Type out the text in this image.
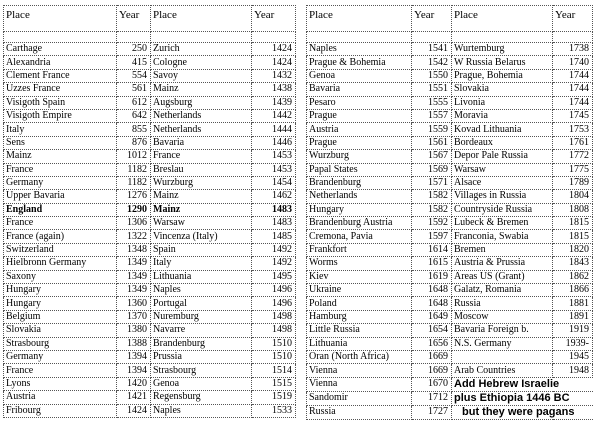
Place	Year	Place	Year

Carthage	250	Zurich	1424
Alexandria	415	Cologne	1424
Clement France	554	Savoy	1432
Uzzes France	561	Mainz	1438
Visigoth Spain	612	Augsburg	1439
Visigoth Empire	642	Netherlands	1442
Italy	855	Netherlands	1444
Sens	876	Bavaria	1446
Mainz	1012	France	1453
France	1182	Breslau	1453
Germany	1182	Wurzburg	1454
Upper Bavaria	1276	Mainz	1462
England	1290	Mainz	1483
France	1306	Warsaw	1483
France (again)	1322	Vincenza (Italy)	1485
Switzerland	1348	Spain	1492
Hielbronn Germany	1349	Italy	1492
Saxony	1349	Lithuania	1495
Hungary	1349	Naples	1496
Hungary	1360	Portugal	1496
Belgium	1370	Nuremburg	1498
Slovakia	1380	Navarre	1498
Strasbourg	1388	Brandenburg	1510
Germany	1394	Prussia	1510
France	1394	Strasbourg	1514
Lyons	1420	Genoa	1515
Austria	1421	Regensburg	1519
Fribourg	1424	Naples	1533
Place	Year	Place	Year

Naples	1541	Wurtemburg	1738
Prague & Bohemia	1542	W Russia Belarus	1740
Genoa	1550	Prague, Bohemia	1744
Bavaria	1551	Slovakia	1744
Pesaro	1555	Livonia	1744
Prague	1557	Moravia	1745
Austria	1559	Kovad Lithuania	1753
Prague	1561	Bordeaux	1761
Wurzburg	1567	Depor Pale Russia	1772
Papal States	1569	Warsaw	1775
Brandenburg	1571	Alsace	1789
Netherlands	1582	Villages in Russia	1804
Hungary	1582	Countryside Russia	1808
Brandenburg Austria	1592	Lubeck & Bremen	1815
Cremona, Pavia	1597	Franconia, Swabia	1815
Frankfort	1614	Bremen	1820
Worms	1615	Austria & Prussia	1843
Kiev	1619	Areas US (Grant)	1862
Ukraine	1648	Galatz, Romania	1866
Poland	1648	Russia	1881
Hamburg	1649	Moscow	1891
Little Russia	1654	Bavaria Foreign b.	1919
Lithuania	1656	N.S. Germany	1939-
Oran (North Africa)	1669		1945
Vienna	1669	Arab Countries	1948
Vienna	1670	Add Hebrew Israelie	
Sandomir	1712	plus Ethiopia 1446 BC	
Russia	1727	but they were pagans	
